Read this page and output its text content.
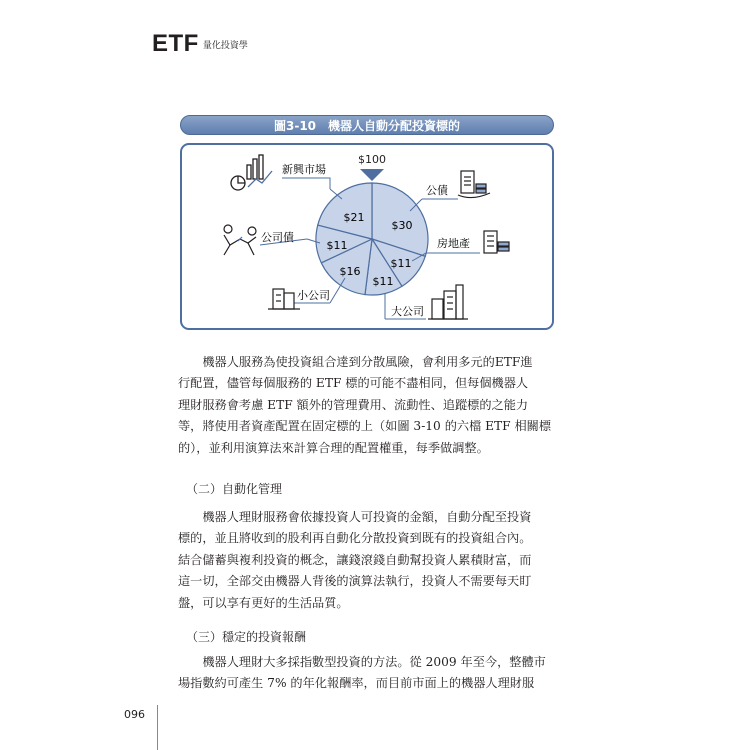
ETF 量化投資學
圖3-10　機器人自動分配投資標的
$100
$30
$11
$11
$16
$11
$21
新興市場
公債
房地產
大公司
小公司
公司債
　　機器人服務為使投資組合達到分散風險，會利用多元的ETF進
行配置，儘管每個服務的 ETF 標的可能不盡相同，但每個機器人
理財服務會考慮 ETF 額外的管理費用、流動性、追蹤標的之能力
等，將使用者資產配置在固定標的上（如圖 3-10 的六檔 ETF 相關標
的），並利用演算法來計算合理的配置權重，每季做調整。
（二）自動化管理
　　機器人理財服務會依據投資人可投資的金額，自動分配至投資
標的，並且將收到的股利再自動化分散投資到既有的投資組合內。
結合儲蓄與複利投資的概念，讓錢滾錢自動幫投資人累積財富，而
這一切，全部交由機器人背後的演算法執行，投資人不需要每天盯
盤，可以享有更好的生活品質。
（三）穩定的投資報酬
　　機器人理財大多採指數型投資的方法。從 2009 年至今，整體市
場指數約可產生 7% 的年化報酬率，而目前市面上的機器人理財服
096
